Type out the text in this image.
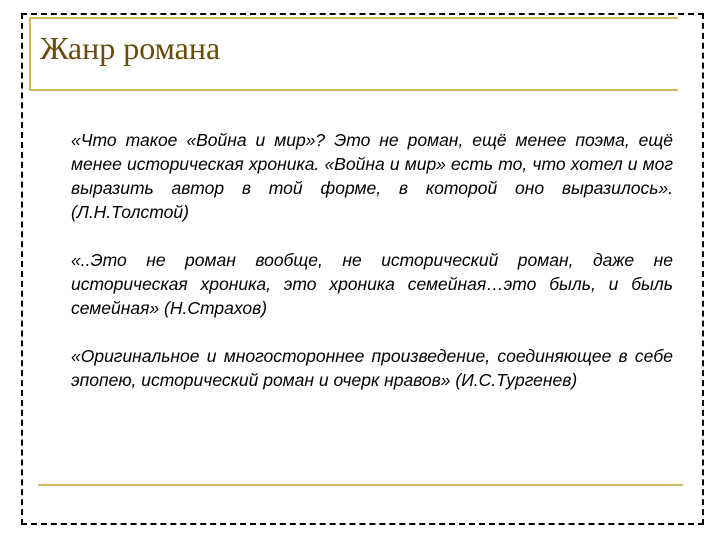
Жанр романа

«Что такое «Война и мир»? Это не роман, ещё менее поэма, ещё менее историческая хроника. «Война и мир» есть то, что хотел и мог выразить автор в той форме, в которой оно выразилось». (Л.Н.Толстой)

«..Это не роман вообще, не исторический роман, даже не историческая хроника, это хроника семейная…это быль, и быль семейная» (Н.Страхов)

«Оригинальное и многостороннее произведение, соединяющее в себе эпопею, исторический роман и очерк нравов» (И.С.Тургенев)
